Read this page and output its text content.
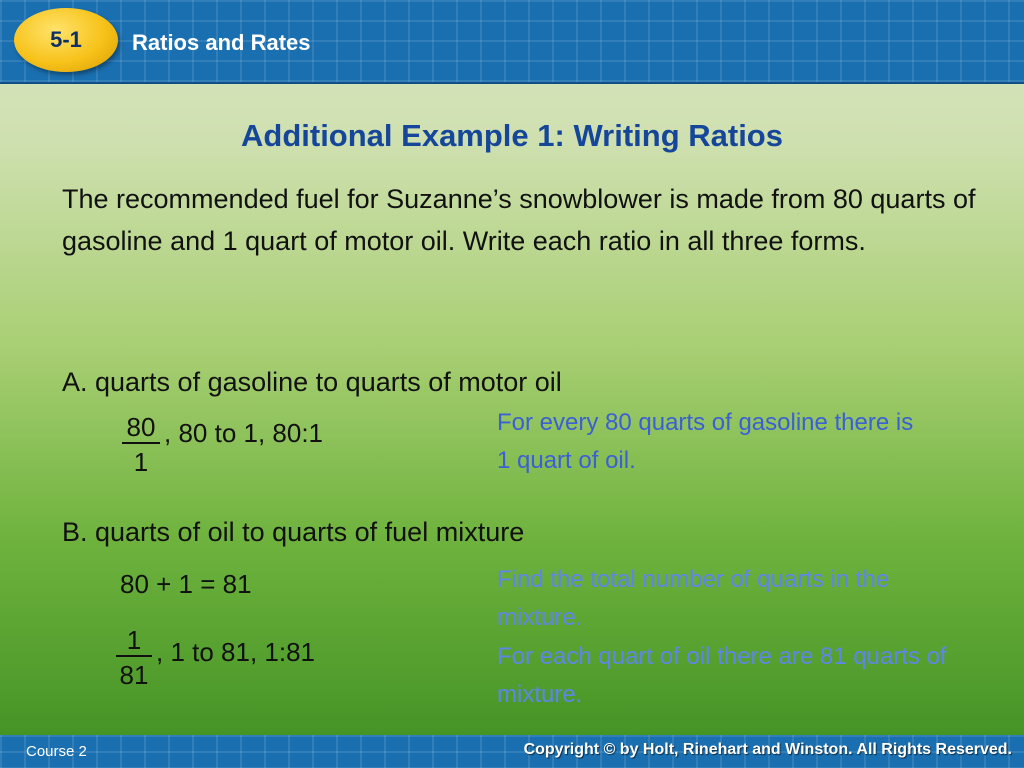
5-1 Ratios and Rates
Additional Example 1: Writing Ratios
The recommended fuel for Suzanne’s snowblower is made from 80 quarts of gasoline and 1 quart of motor oil. Write each ratio in all three forms.
A. quarts of gasoline to quarts of motor oil
$\frac{80}{1}$ , 80 to 1, 80:1	For every 80 quarts of gasoline there is 1 quart of oil.
B. quarts of oil to quarts of fuel mixture
80 + 1 = 81	Find the total number of quarts in the mixture.
$\frac{1}{81}$ , 1 to 81, 1:81	For each quart of oil there are 81 quarts of mixture.
Course 2	Copyright © by Holt, Rinehart and Winston. All Rights Reserved.
